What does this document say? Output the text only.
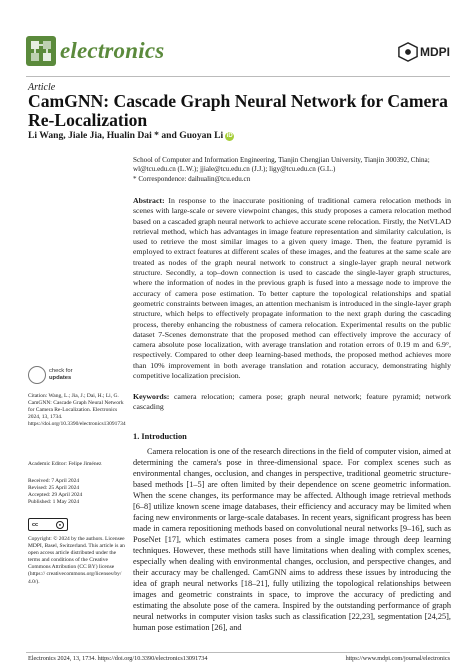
electronics	MDPI
Article
CamGNN: Cascade Graph Neural Network for Camera Re-Localization
Li Wang, Jiale Jia, Hualin Dai * and Guoyan Li iD
School of Computer and Information Engineering, Tianjin Chengjian University, Tianjin 300392, China; wl@tcu.edu.cn (L.W.); jjiale@tcu.edu.cn (J.J.); ligy@tcu.edu.cn (G.L.)
* Correspondence: daihualin@tcu.edu.cn
Abstract: In response to the inaccurate positioning of traditional camera relocation methods in scenes with large-scale or severe viewpoint changes, this study proposes a camera relocation method based on a cascaded graph neural network to achieve accurate scene relocation. Firstly, the NetVLAD retrieval method, which has advantages in image feature representation and similarity calculation, is used to retrieve the most similar images to a given query image. Then, the feature pyramid is employed to extract features at different scales of these images, and the features at the same scale are treated as nodes of the graph neural network to construct a single-layer graph neural network structure. Secondly, a top–down connection is used to cascade the single-layer graph structures, where the information of nodes in the previous graph is fused into a message node to improve the accuracy of camera pose estimation. To better capture the topological relationships and spatial geometric constraints between images, an attention mechanism is introduced in the single-layer graph structure, which helps to effectively propagate information to the next graph during the cascading process, thereby enhancing the robustness of camera relocation. Experimental results on the public dataset 7-Scenes demonstrate that the proposed method can effectively improve the accuracy of camera absolute pose localization, with average translation and rotation errors of 0.19 m and 6.9°, respectively. Compared to other deep learning-based methods, the proposed method achieves more than 10% improvement in both average translation and rotation accuracy, demonstrating highly competitive localization precision.
Keywords: camera relocation; camera pose; graph neural network; feature pyramid; network cascading
1. Introduction
Camera relocation is one of the research directions in the field of computer vision, aimed at determining the camera's pose in three-dimensional space. For complex scenes such as environmental changes, occlusion, and changes in perspective, traditional geometric structure-based methods [1–5] are often limited by their dependence on scene geometric information. When the scene changes, its performance may be affected. Although image retrieval methods [6–8] utilize known scene image databases, their efficiency and accuracy may be limited when facing new environments or large-scale databases. In recent years, significant progress has been made in camera repositioning methods based on convolutional neural networks [9–16], such as PoseNet [17], which estimates camera poses from a single image through deep learning techniques. However, these methods still have limitations when dealing with complex scenes, especially when dealing with environmental changes, occlusion, and perspective changes, and their accuracy may be challenged. CamGNN aims to address these issues by introducing the idea of graph neural networks [18–21], fully utilizing the topological relationships between images and geometric constraints in space, to improve the accuracy of predicting and estimating the absolute pose of the camera. Inspired by the outstanding performance of graph neural networks in computer vision tasks such as classification [22,23], segmentation [24,25], human pose estimation [26], and
check for
updates
Citation: Wang, L.; Jia, J.; Dai, H.; Li, G. CamGNN: Cascade Graph Neural Network for Camera Re-Localization. Electronics 2024, 13, 1734. https://doi.org/10.3390/electronics13091734
Academic Editor: Felipe Jiménez
Received: 7 April 2024
Revised: 25 April 2024
Accepted: 29 April 2024
Published: 1 May 2024
cc	●
Copyright: © 2024 by the authors. Licensee MDPI, Basel, Switzerland. This article is an open access article distributed under the terms and conditions of the Creative Commons Attribution (CC BY) license (https:// creativecommons.org/licenses/by/ 4.0/).
Electronics 2024, 13, 1734. https://doi.org/10.3390/electronics13091734	https://www.mdpi.com/journal/electronics
